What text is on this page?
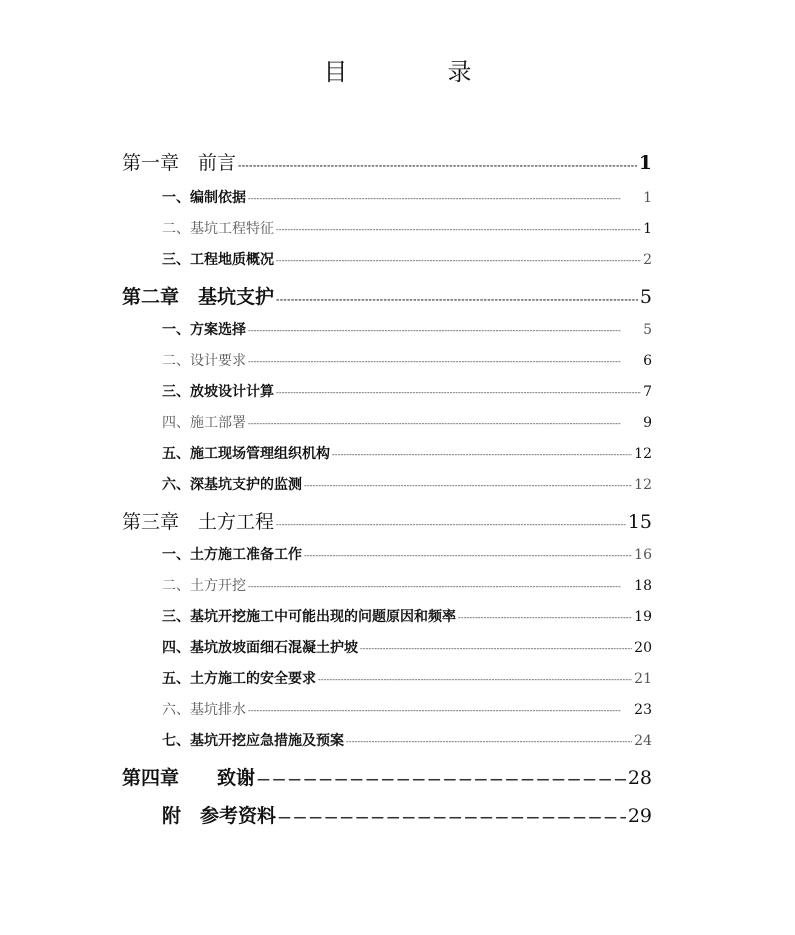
目	录
第一章　前言 - - -	1
一、编制依据 - - -	1
二、基坑工程特征 - - -	1
三、工程地质概况 - - -	2
第二章　基坑支护 - - -	5
一、方案选择 - - -	5
二、设计要求 - - -	6
三、放坡设计计算 - - -	7
四、施工部署 - - -	9
五、施工现场管理组织机构 - - -	12
六、深基坑支护的监测 - - -	12
第三章　土方工程 - - -	15
一、土方施工准备工作 - - -	16
二、土方开挖 - - -	18
三、基坑开挖施工中可能出现的问题原因和频率 - - -	19
四、基坑放坡面细石混凝土护坡 - - -	20
五、土方施工的安全要求 - - -	21
六、基坑排水 - - -	23
七、基坑开挖应急措施及预案 - - -	24
第四章　　致谢 — — —	28
附　参考资料 — — —	29
